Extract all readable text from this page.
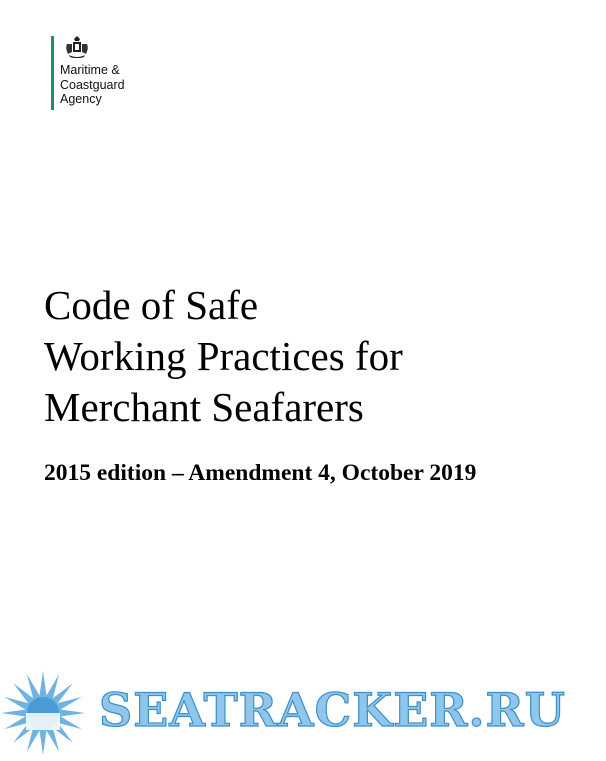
Maritime &
Coastguard
Agency
Code of Safe
Working Practices for
Merchant Seafarers

2015 edition – Amendment 4, October 2019

SEATRACKER.RU
